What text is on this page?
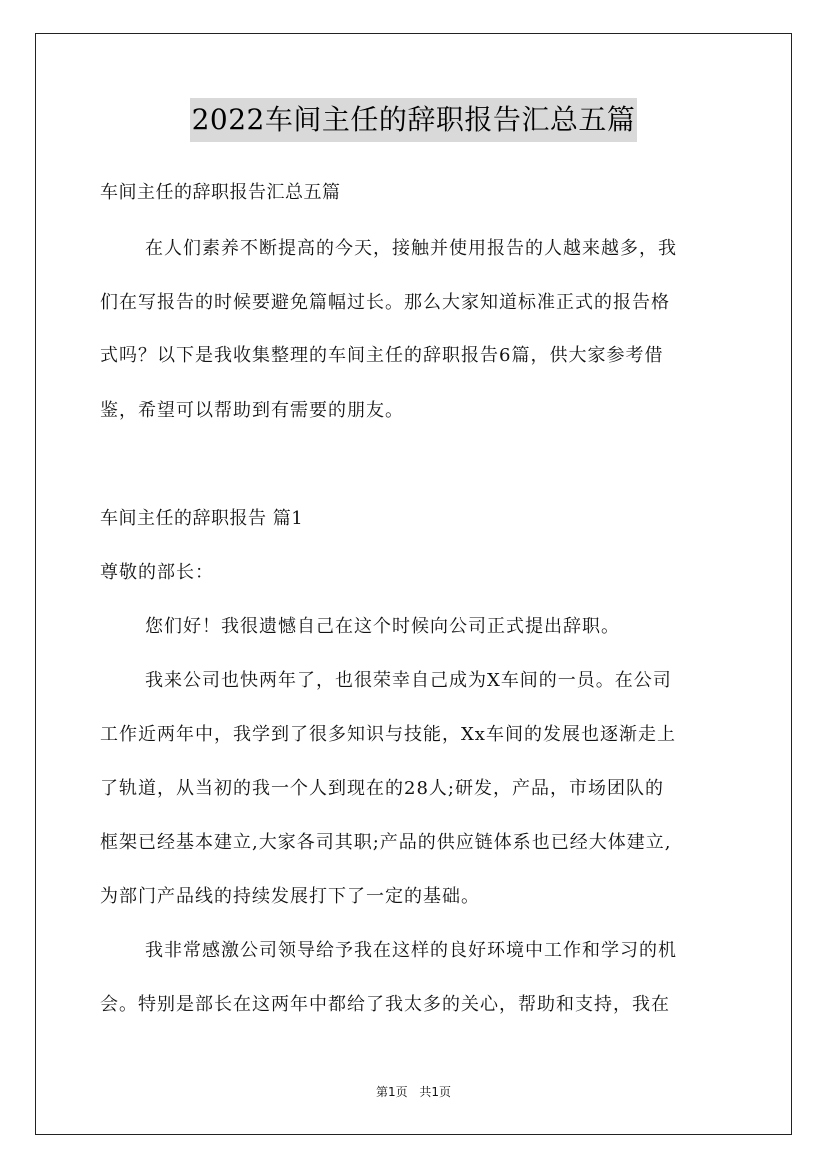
2022车间主任的辞职报告汇总五篇
车间主任的辞职报告汇总五篇
在人们素养不断提高的今天，接触并使用报告的人越来越多，我
们在写报告的时候要避免篇幅过长。那么大家知道标准正式的报告格
式吗？以下是我收集整理的车间主任的辞职报告6篇，供大家参考借
鉴，希望可以帮助到有需要的朋友。
车间主任的辞职报告 篇1
尊敬的部长：
您们好！我很遗憾自己在这个时候向公司正式提出辞职。
我来公司也快两年了，也很荣幸自己成为X车间的一员。在公司
工作近两年中，我学到了很多知识与技能，Xx车间的发展也逐渐走上
了轨道，从当初的我一个人到现在的28人;研发，产品，市场团队的
框架已经基本建立,大家各司其职;产品的供应链体系也已经大体建立,
为部门产品线的持续发展打下了一定的基础。
我非常感激公司领导给予我在这样的良好环境中工作和学习的机
会。特别是部长在这两年中都给了我太多的关心，帮助和支持，我在
第1页 共1页
